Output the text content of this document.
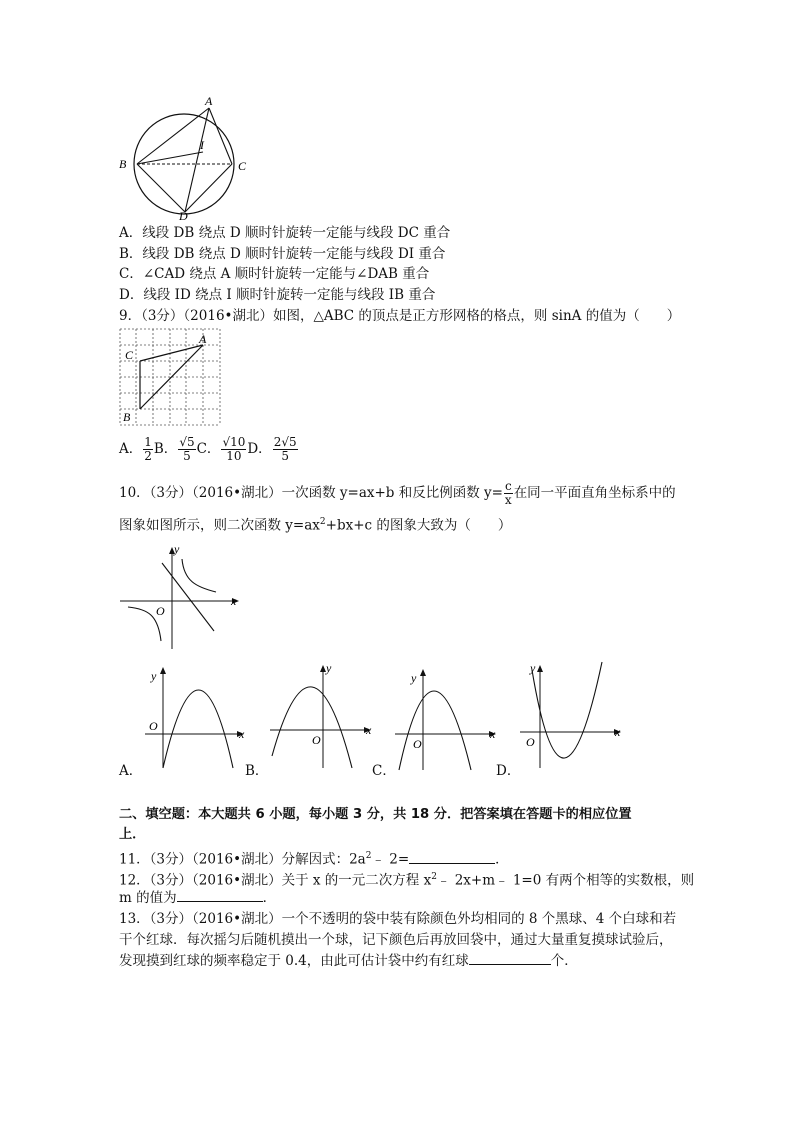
A
B	C
D
I
A．线段 DB 绕点 D 顺时针旋转一定能与线段 DC 重合
B．线段 DB 绕点 D 顺时针旋转一定能与线段 DI 重合
C．∠CAD 绕点 A 顺时针旋转一定能与∠DAB 重合
D．线段 ID 绕点 I 顺时针旋转一定能与线段 IB 重合
9．（3分）（2016•湖北）如图，△ABC 的顶点是正方形网格的格点，则 sinA 的值为（　　）
A
C
B
A． $\frac{1}{2}$ B． $\frac{√5}{5}$ C． $\frac{√10}{10}$ D． $\frac{2√5}{5}$
10．（3分）（2016•湖北）一次函数 y=ax+b 和反比例函数 $y= \frac{c}{x}$ 在同一平面直角坐标系中的
图象如图所示，则二次函数 $y=ax^2+bx+c$ 的图象大致为（　　）
x
y
O
x
y
O
A．
x
y
O
B．
x
y
O
C．
x
y
O
D．
二、填空题：本大题共 6 小题，每小题 3 分，共 18 分．把答案填在答题卡的相应位置
上．
11．（3分）（2016•湖北）分解因式：$2a^2﹣$ 2=	．
12．（3分）（2016•湖北）关于 x 的一元二次方程 $x^2﹣$ 2x+m﹣ 1=0 有两个相等的实数根，则
m 的值为	．
13．（3分）（2016•湖北）一个不透明的袋中装有除颜色外均相同的 8 个黑球、4 个白球和若
干个红球．每次摇匀后随机摸出一个球，记下颜色后再放回袋中，通过大量重复摸球试验后，
发现摸到红球的频率稳定于 0.4，由此可估计袋中约有红球	个．
